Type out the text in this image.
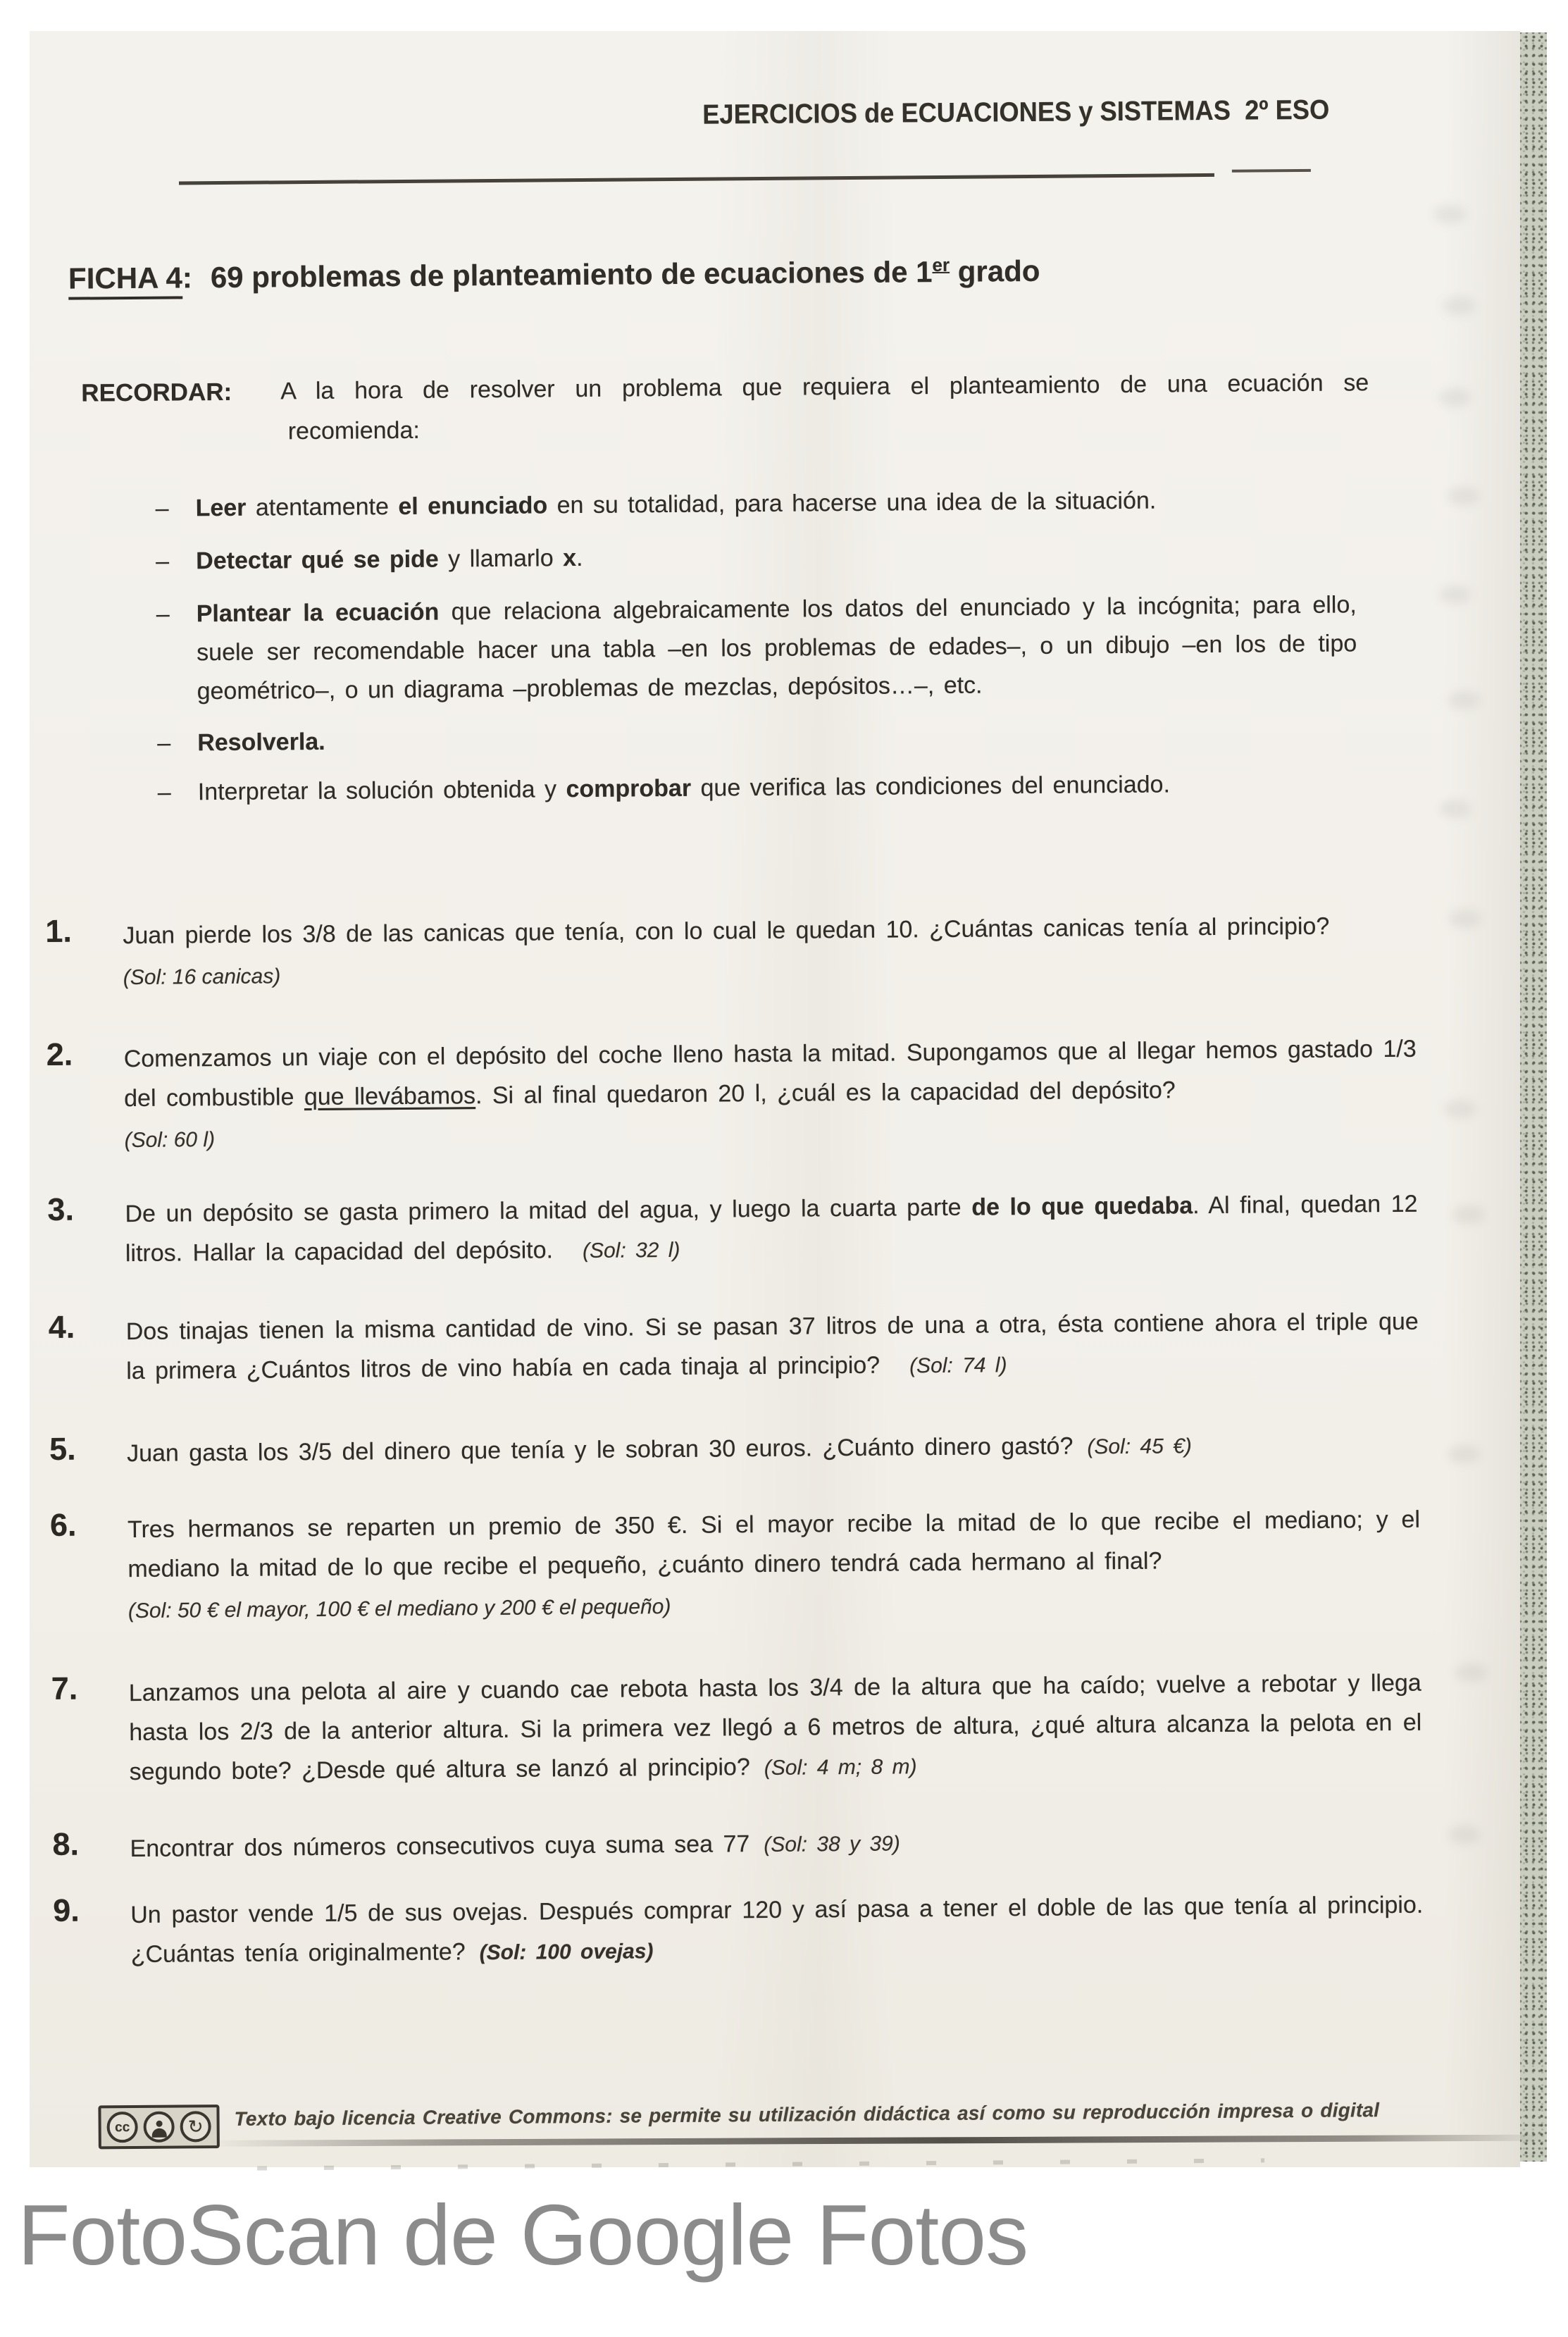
EJERCICIOS de ECUACIONES y SISTEMAS  2º ESO
FICHA 4: 69 problemas de planteamiento de ecuaciones de 1er grado
RECORDAR: A la hora de resolver un problema que requiera el planteamiento de una ecuación se
recomienda:
– Leer atentamente el enunciado en su totalidad, para hacerse una idea de la situación.
– Detectar qué se pide y llamarlo x.
– Plantear la ecuación que relaciona algebraicamente los datos del enunciado y la incógnita; para ello, suele ser recomendable hacer una tabla –en los problemas de edades–, o un dibujo –en los de tipo geométrico–, o un diagrama –problemas de mezclas, depósitos…–, etc.
– Resolverla.
– Interpretar la solución obtenida y comprobar que verifica las condiciones del enunciado.
1. Juan pierde los 3/8 de las canicas que tenía, con lo cual le quedan 10. ¿Cuántas canicas tenía al principio?
(Sol: 16 canicas)
2. Comenzamos un viaje con el depósito del coche lleno hasta la mitad. Supongamos que al llegar hemos gastado 1/3 del combustible que llevábamos. Si al final quedaron 20 l, ¿cuál es la capacidad del depósito?
(Sol: 60 l)
3. De un depósito se gasta primero la mitad del agua, y luego la cuarta parte de lo que quedaba. Al final, quedan 12 litros. Hallar la capacidad del depósito. (Sol: 32 l)
4. Dos tinajas tienen la misma cantidad de vino. Si se pasan 37 litros de una a otra, ésta contiene ahora el triple que la primera ¿Cuántos litros de vino había en cada tinaja al principio? (Sol: 74 l)
5. Juan gasta los 3/5 del dinero que tenía y le sobran 30 euros. ¿Cuánto dinero gastó? (Sol: 45 €)
6. Tres hermanos se reparten un premio de 350 €. Si el mayor recibe la mitad de lo que recibe el mediano; y el mediano la mitad de lo que recibe el pequeño, ¿cuánto dinero tendrá cada hermano al final?
(Sol: 50 € el mayor, 100 € el mediano y 200 € el pequeño)
7. Lanzamos una pelota al aire y cuando cae rebota hasta los 3/4 de la altura que ha caído; vuelve a rebotar y llega hasta los 2/3 de la anterior altura. Si la primera vez llegó a 6 metros de altura, ¿qué altura alcanza la pelota en el segundo bote? ¿Desde qué altura se lanzó al principio? (Sol: 4 m; 8 m)
8. Encontrar dos números consecutivos cuya suma sea 77 (Sol: 38 y 39)
9. Un pastor vende 1/5 de sus ovejas. Después comprar 120 y así pasa a tener el doble de las que tenía al principio. ¿Cuántas tenía originalmente? (Sol: 100 ovejas)
cc	↻ Texto bajo licencia Creative Commons: se permite su utilización didáctica así como su reproducción impresa o digital
FotoScan de Google Fotos
